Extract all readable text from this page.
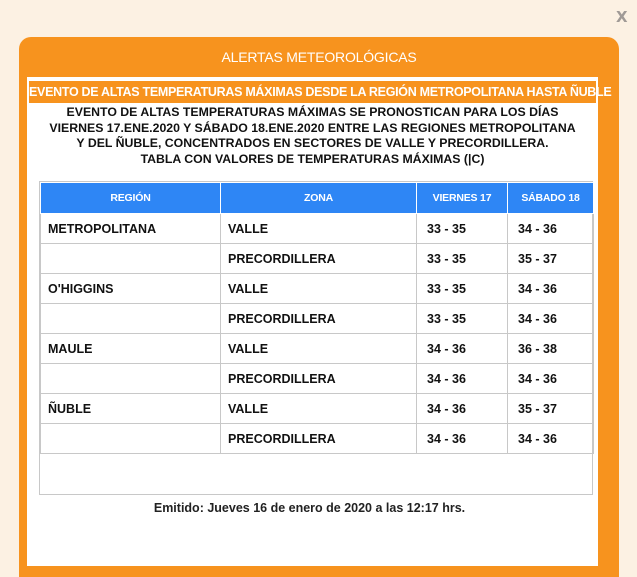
X
ALERTAS METEOROLÓGICAS
EVENTO DE ALTAS TEMPERATURAS MÁXIMAS DESDE LA REGIÓN METROPOLITANA HASTA ÑUBLE
EVENTO DE ALTAS TEMPERATURAS MÁXIMAS SE PRONOSTICAN PARA LOS DÍAS
VIERNES 17.ENE.2020 Y SÁBADO 18.ENE.2020 ENTRE LAS REGIONES METROPOLITANA
Y DEL ÑUBLE, CONCENTRADOS EN SECTORES DE VALLE Y PRECORDILLERA.
TABLA CON VALORES DE TEMPERATURAS MÁXIMAS (|C)
REGIÓN	ZONA	VIERNES 17	SÁBADO 18
METROPOLITANA	VALLE	33 - 35	34 - 36
	PRECORDILLERA	33 - 35	35 - 37
O'HIGGINS	VALLE	33 - 35	34 - 36
	PRECORDILLERA	33 - 35	34 - 36
MAULE	VALLE	34 - 36	36 - 38
	PRECORDILLERA	34 - 36	34 - 36
ÑUBLE	VALLE	34 - 36	35 - 37
	PRECORDILLERA	34 - 36	34 - 36
Emitido: Jueves 16 de enero de 2020 a las 12:17 hrs.
